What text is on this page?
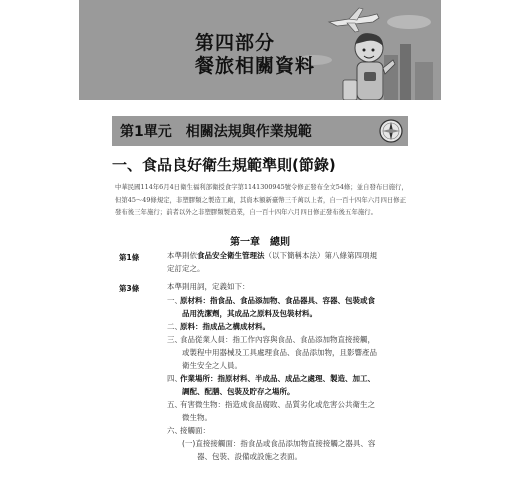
第四部分

餐旅相關資料

第1單元　相關法規與作業規範
一、食品良好衛生規範準則(節錄)

中華民國114年6月4日衛生福利部衛授食字第1141300945號令修正發布全文54條；並自發布日施行，但第45～49條規定，非塑膠類之製造工廠，其資本額新臺幣三千萬以上者，自一百十四年六月四日修正發布後三年施行；前者以外之非塑膠類製造業，自一百十四年六月四日修正發布後五年施行。

第一章　總則

第1條	本準則依食品安全衛生管理法（以下簡稱本法）第八條第四項規

定訂定之。

第3條	本準則用詞，定義如下：

一、原材料：指食品、食品添加物、食品器具、容器、包裝或食

品用洗潔劑，其成品之原料及包裝材料。

二、原料：指成品之構成材料。

三、食品從業人員：指工作內容與食品、食品添加物直接接觸，

或製程中用器械及工具處理食品、食品添加物，且影響產品

衛生安全之人員。

四、作業場所：指原材料、半成品、成品之處理、製造、加工、

調配、配膳、包裝及貯存之場所。

五、有害微生物：指造成食品腐敗、品質劣化或危害公共衛生之

微生物。

六、接觸面：

(一)直接接觸面：指食品或食品添加物直接接觸之器具、容

器、包裝、設備或設施之表面。
